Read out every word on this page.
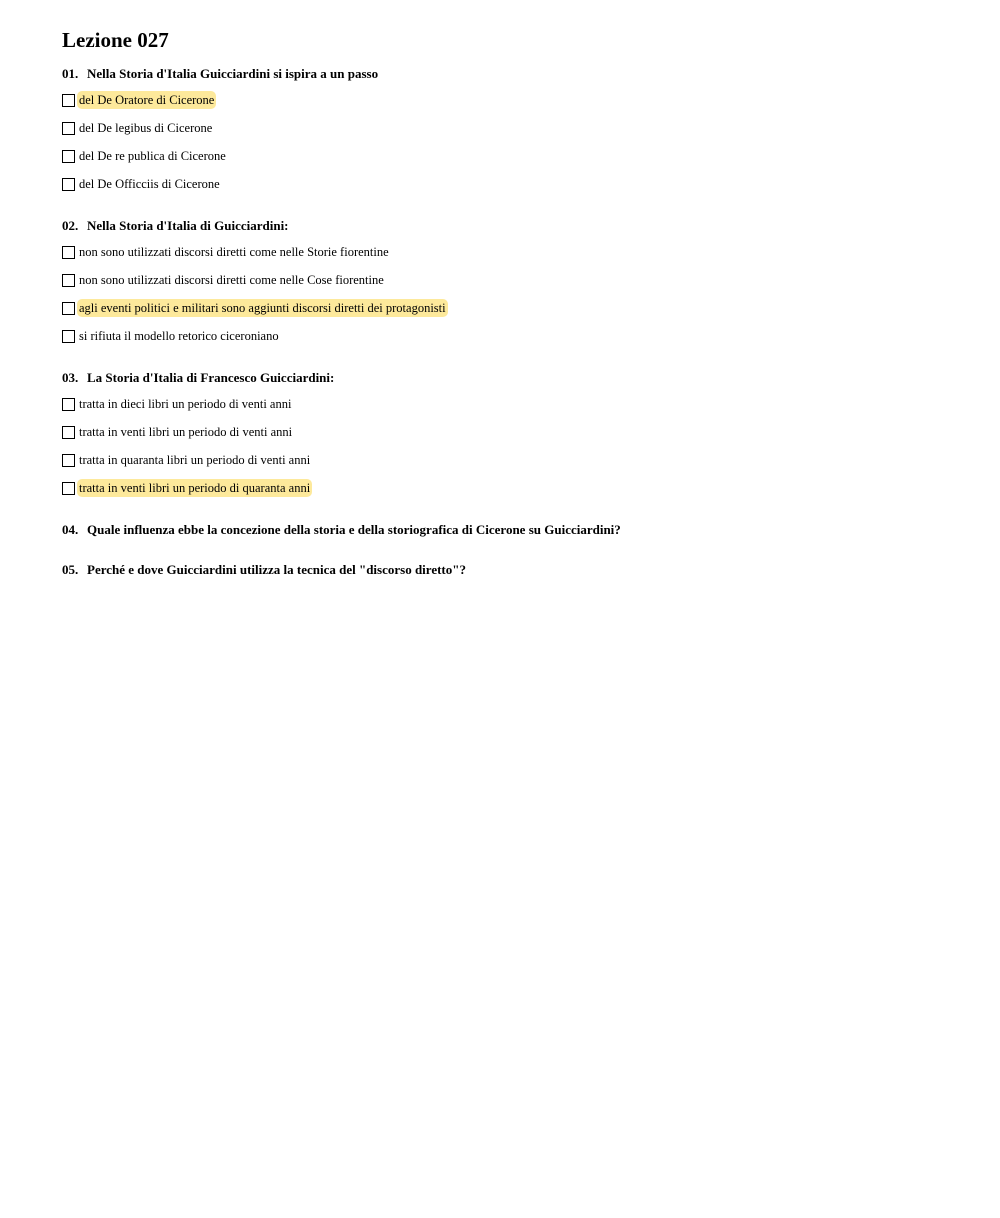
Lezione 027
01. Nella Storia d'Italia Guicciardini si ispira a un passo
del De Oratore di Cicerone
del De legibus di Cicerone
del De re publica di Cicerone
del De Officciis di Cicerone
02. Nella Storia d'Italia di Guicciardini:
non sono utilizzati discorsi diretti come nelle Storie fiorentine
non sono utilizzati discorsi diretti come nelle Cose fiorentine
agli eventi politici e militari sono aggiunti discorsi diretti dei protagonisti
si rifiuta il modello retorico ciceroniano
03. La Storia d'Italia di Francesco Guicciardini:
tratta in dieci libri un periodo di venti anni
tratta in venti libri un periodo di venti anni
tratta in quaranta libri un periodo di venti anni
tratta in venti libri un periodo di quaranta anni
04. Quale influenza ebbe la concezione della storia e della storiografica di Cicerone su Guicciardini?
05. Perché e dove Guicciardini utilizza la tecnica del "discorso diretto"?
